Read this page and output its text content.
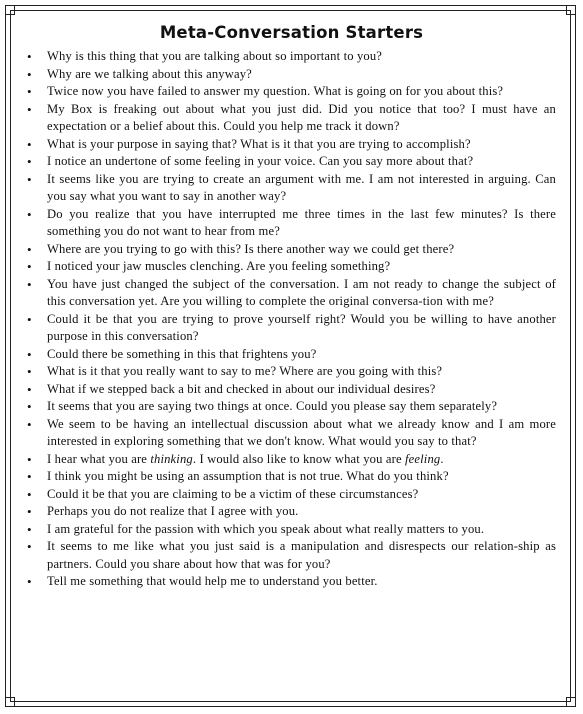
Meta-Conversation Starters
• Why is this thing that you are talking about so important to you?
• Why are we talking about this anyway?
• Twice now you have failed to answer my question. What is going on for you about this?
• My Box is freaking out about what you just did. Did you notice that too? I must have an expectation or a belief about this. Could you help me track it down?
• What is your purpose in saying that? What is it that you are trying to accomplish?
• I notice an undertone of some feeling in your voice. Can you say more about that?
• It seems like you are trying to create an argument with me. I am not interested in arguing. Can you say what you want to say in another way?
• Do you realize that you have interrupted me three times in the last few minutes? Is there something you do not want to hear from me?
• Where are you trying to go with this? Is there another way we could get there?
• I noticed your jaw muscles clenching. Are you feeling something?
• You have just changed the subject of the conversation. I am not ready to change the subject of this conversation yet. Are you willing to complete the original conversa-tion with me?
• Could it be that you are trying to prove yourself right? Would you be willing to have another purpose in this conversation?
• Could there be something in this that frightens you?
• What is it that you really want to say to me? Where are you going with this?
• What if we stepped back a bit and checked in about our individual desires?
• It seems that you are saying two things at once. Could you please say them separately?
• We seem to be having an intellectual discussion about what we already know and I am more interested in exploring something that we don't know. What would you say to that?
• I hear what you are thinking. I would also like to know what you are feeling.
• I think you might be using an assumption that is not true. What do you think?
• Could it be that you are claiming to be a victim of these circumstances?
• Perhaps you do not realize that I agree with you.
• I am grateful for the passion with which you speak about what really matters to you.
• It seems to me like what you just said is a manipulation and disrespects our relation-ship as partners. Could you share about how that was for you?
• Tell me something that would help me to understand you better.
